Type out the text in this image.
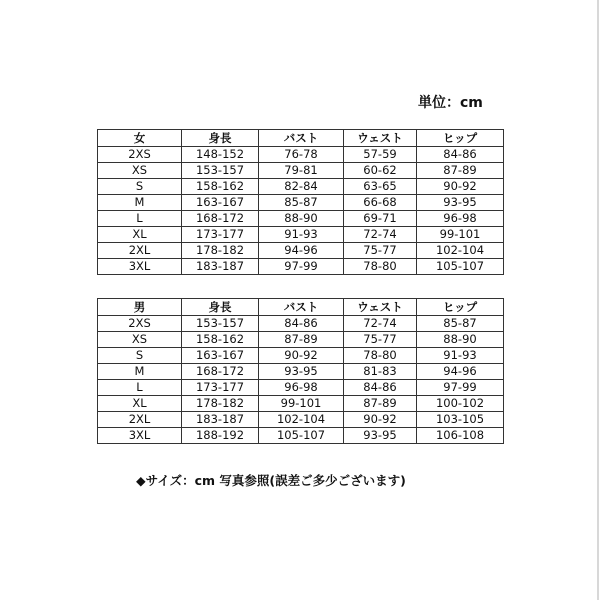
単位：cm
女	身長	バスト	ウェスト	ヒップ
2XS	148-152	76-78	57-59	84-86
XS	153-157	79-81	60-62	87-89
S	158-162	82-84	63-65	90-92
M	163-167	85-87	66-68	93-95
L	168-172	88-90	69-71	96-98
XL	173-177	91-93	72-74	99-101
2XL	178-182	94-96	75-77	102-104
3XL	183-187	97-99	78-80	105-107
男	身長	バスト	ウェスト	ヒップ
2XS	153-157	84-86	72-74	85-87
XS	158-162	87-89	75-77	88-90
S	163-167	90-92	78-80	91-93
M	168-172	93-95	81-83	94-96
L	173-177	96-98	84-86	97-99
XL	178-182	99-101	87-89	100-102
2XL	183-187	102-104	90-92	103-105
3XL	188-192	105-107	93-95	106-108
◆サイズ：cm 写真参照(誤差ご多少ございます)
